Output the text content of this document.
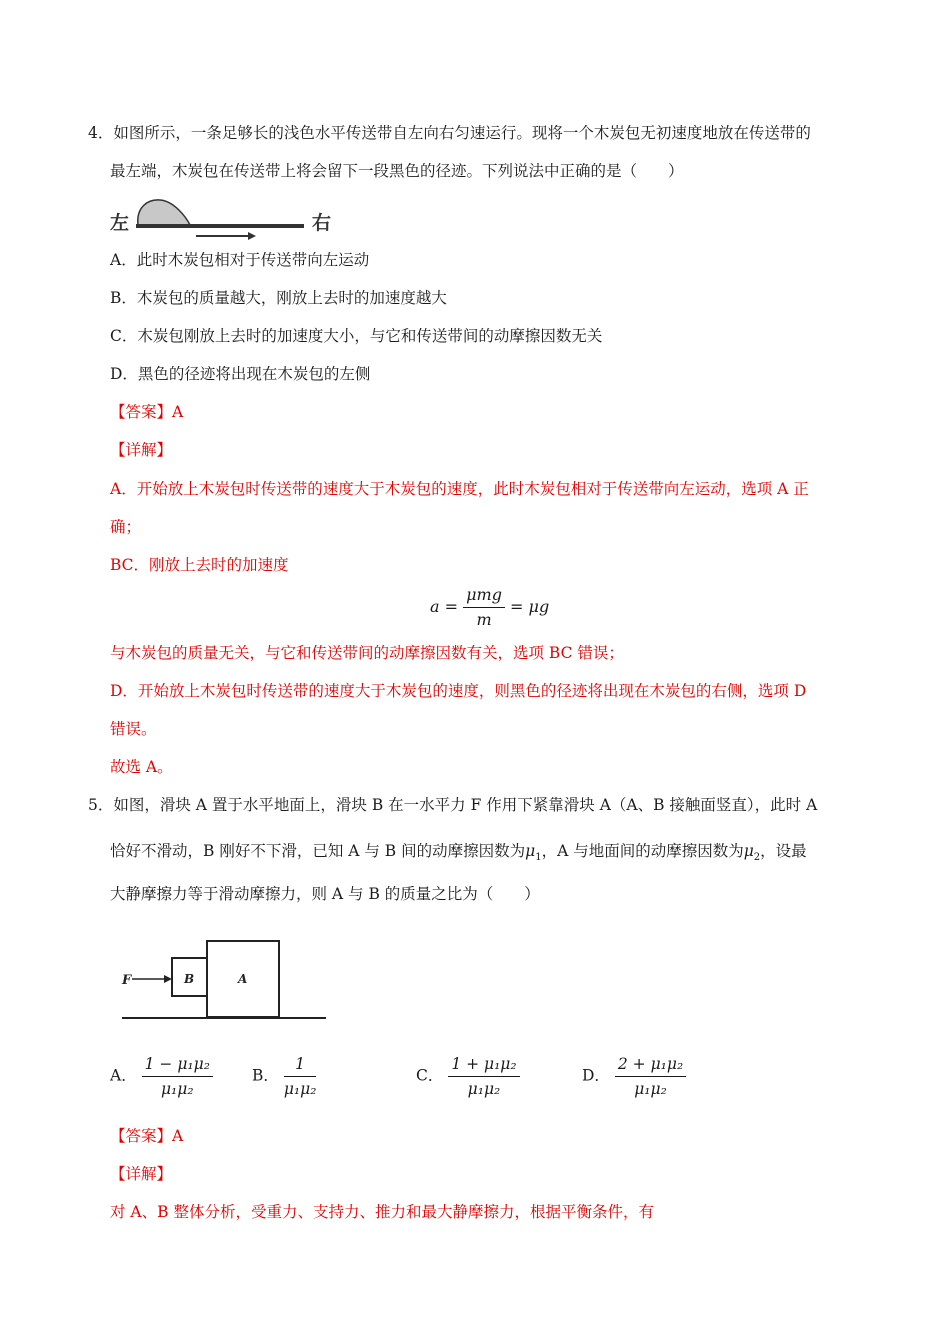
4．如图所示，一条足够长的浅色水平传送带自左向右匀速运行。现将一个木炭包无初速度地放在传送带的
最左端，木炭包在传送带上将会留下一段黑色的径迹。下列说法中正确的是（　　）
左	右
A．此时木炭包相对于传送带向左运动
B．木炭包的质量越大，刚放上去时的加速度越大
C．木炭包刚放上去时的加速度大小，与它和传送带间的动摩擦因数无关
D．黑色的径迹将出现在木炭包的左侧
【答案】A
【详解】
A．开始放上木炭包时传送带的速度大于木炭包的速度，此时木炭包相对于传送带向左运动，选项 A 正
确；
BC．刚放上去时的加速度
$a = \frac{\text{μmg}}{m} = \mu g$
与木炭包的质量无关，与它和传送带间的动摩擦因数有关，选项 BC 错误；
D．开始放上木炭包时传送带的速度大于木炭包的速度，则黑色的径迹将出现在木炭包的右侧，选项 D
错误。
故选 A。
5．如图，滑块 A 置于水平地面上，滑块 B 在一水平力 F 作用下紧靠滑块 A（A、B 接触面竖直），此时 A
恰好不滑动，B 刚好不下滑，已知 A 与 B 间的动摩擦因数为$\mu_1$，A 与地面间的动摩擦因数为$\mu_2$，设最
大静摩擦力等于滑动摩擦力，则 A 与 B 的质量之比为（　　）
F	B	A
A． $\frac{\text{1 − μ₁μ₂}}{\text{μ₁μ₂}}$	B． $\frac{1}{\text{μ₁μ₂}}$	C． $\frac{\text{1 + μ₁μ₂}}{\text{μ₁μ₂}}$	D． $\frac{\text{2 + μ₁μ₂}}{\text{μ₁μ₂}}$
【答案】A
【详解】
对 A、B 整体分析，受重力、支持力、推力和最大静摩擦力，根据平衡条件，有
